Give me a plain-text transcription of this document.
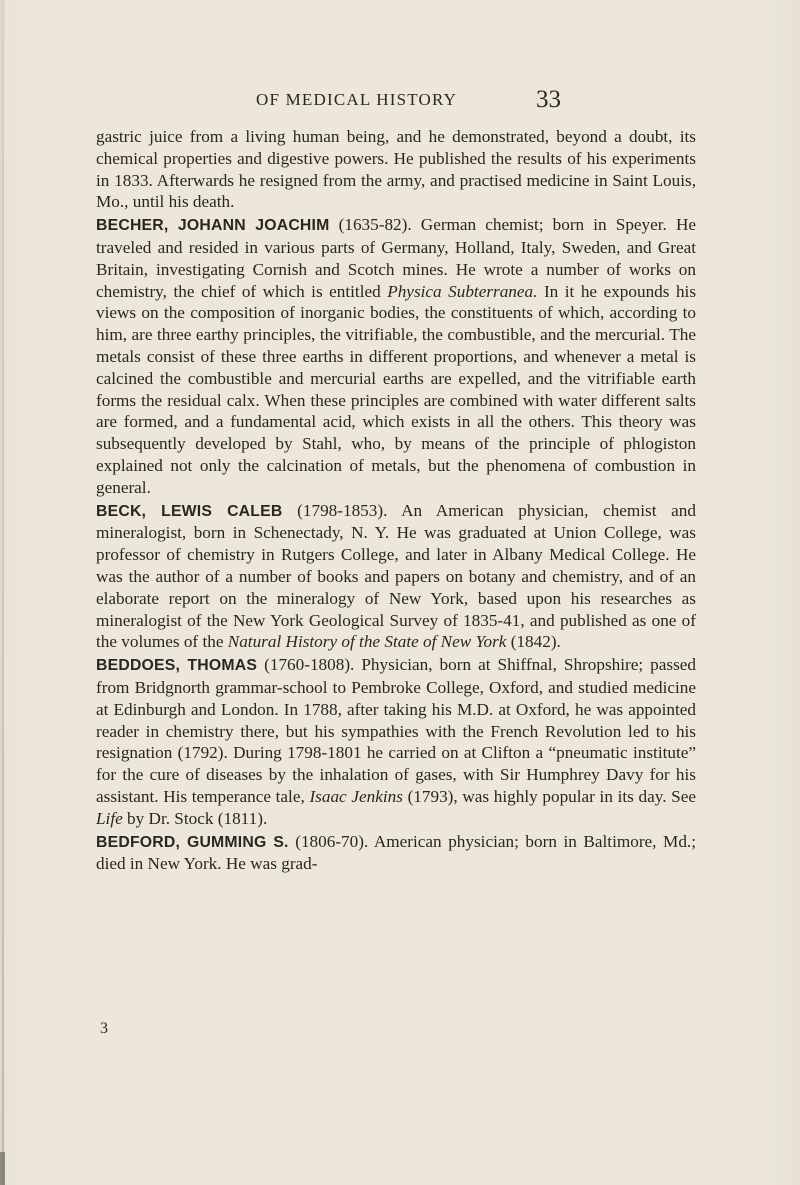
OF MEDICAL HISTORY	33

gastric juice from a living human being, and he demonstrated, beyond a doubt, its chemical properties and digestive powers. He published the results of his experiments in 1833. Afterwards he resigned from the army, and practised medicine in Saint Louis, Mo., until his death.

BECHER, JOHANN JOACHIM (1635-82). German chemist; born in Speyer. He traveled and resided in various parts of Germany, Holland, Italy, Sweden, and Great Britain, investigating Cornish and Scotch mines. He wrote a number of works on chemistry, the chief of which is entitled Physica Subterranea. In it he expounds his views on the composition of inorganic bodies, the constituents of which, according to him, are three earthy principles, the vitrifiable, the combustible, and the mercurial. The metals consist of these three earths in different proportions, and whenever a metal is calcined the combustible and mercurial earths are expelled, and the vitrifiable earth forms the residual calx. When these principles are combined with water different salts are formed, and a fundamental acid, which exists in all the others. This theory was subsequently developed by Stahl, who, by means of the principle of phlogiston explained not only the calcination of metals, but the phenomena of combustion in general.

BECK, LEWIS CALEB (1798-1853). An American physician, chemist and mineralogist, born in Schenectady, N. Y. He was graduated at Union College, was professor of chemistry in Rutgers College, and later in Albany Medical College. He was the author of a number of books and papers on botany and chemistry, and of an elaborate report on the mineralogy of New York, based upon his researches as mineralogist of the New York Geological Survey of 1835-41, and published as one of the volumes of the Natural History of the State of New York (1842).

BEDDOES, THOMAS (1760-1808). Physician, born at Shiffnal, Shropshire; passed from Bridgnorth grammar-school to Pembroke College, Oxford, and studied medicine at Edinburgh and London. In 1788, after taking his M.D. at Oxford, he was appointed reader in chemistry there, but his sympathies with the French Revolution led to his resignation (1792). During 1798-1801 he carried on at Clifton a “pneumatic institute” for the cure of diseases by the inhalation of gases, with Sir Humphrey Davy for his assistant. His temperance tale, Isaac Jenkins (1793), was highly popular in its day. See Life by Dr. Stock (1811).

BEDFORD, GUMMING S. (1806-70). American physician; born in Baltimore, Md.; died in New York. He was grad-

3
